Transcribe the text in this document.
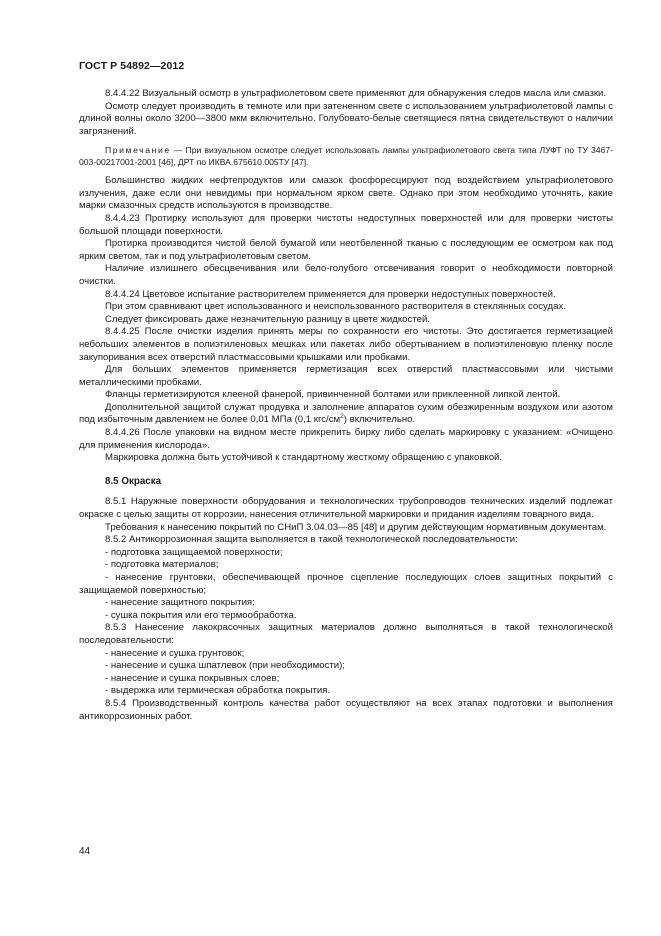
ГОСТ Р 54892—2012

8.4.4.22 Визуальный осмотр в ультрафиолетовом свете применяют для обнаружения следов масла или смазки.

Осмотр следует производить в темноте или при затененном свете с использованием ультрафиолетовой лампы с длиной волны около 3200—3800 мкм включительно. Голубовато-белые светящиеся пятна свидетельствуют о наличии загрязнений.

Примечание — При визуальном осмотре следует использовать лампы ультрафиолетового света типа ЛУФТ по ТУ 3467-003-00217001-2001 [46], ДРТ по ИКВА.675610.005ТУ [47].

Большинство жидких нефтепродуктов или смазок фосфоресцируют под воздействием ультрафиолетового излучения, даже если они невидимы при нормальном ярком свете. Однако при этом необходимо уточнять, какие марки смазочных средств используются в производстве.

8.4.4.23 Протирку используют для проверки чистоты недоступных поверхностей или для проверки чистоты большой площади поверхности.

Протирка производится чистой белой бумагой или неотбеленной тканью с последующим ее осмотром как под ярким светом, так и под ультрафиолетовым светом.

Наличие излишнего обесцвечивания или бело-голубого отсвечивания говорит о необходимости повторной очистки.

8.4.4.24 Цветовое испытание растворителем применяется для проверки недоступных поверхностей.

При этом сравнивают цвет использованного и неиспользованного растворителя в стеклянных сосудах.

Следует фиксировать даже незначительную разницу в цвете жидкостей.

8.4.4.25 После очистки изделия принять меры по сохранности его чистоты. Это достигается герметизацией небольших элементов в полиэтиленовых мешках или пакетах либо обертыванием в полиэтиленовую пленку после закупоривания всех отверстий пластмассовыми крышками или пробками.

Для больших элементов применяется герметизация всех отверстий пластмассовыми или чистыми металлическими пробками.

Фланцы герметизируются клееной фанерой, привинченной болтами или приклеенной липкой лентой.

Дополнительной защитой служат продувка и заполнение аппаратов сухим обезжиренным воздухом или азотом под избыточным давлением не более 0,01 МПа (0,1 кгс/$см^2$) включительно.

8.4.4.26 После упаковки на видном месте прикрепить бирку либо сделать маркировку с указанием: «Очищено для применения кислорода».

Маркировка должна быть устойчивой к стандартному жесткому обращению с упаковкой.

8.5 Окраска

8.5.1 Наружные поверхности оборудования и технологических трубопроводов технических изделий подлежат окраске с целью защиты от коррозии, нанесения отличительной маркировки и придания изделиям товарного вида.

Требования к нанесению покрытий по СНиП 3.04.03—85 [48] и другим действующим нормативным документам.

8.5.2 Антикоррозионная защита выполняется в такой технологической последовательности:

- подготовка защищаемой поверхности;

- подготовка материалов;

- нанесение грунтовки, обеспечивающей прочное сцепление последующих слоев защитных покрытий с защищаемой поверхностью;

- нанесение защитного покрытия;

- сушка покрытия или его термообработка.

8.5.3 Нанесение лакокрасочных защитных материалов должно выполняться в такой технологической последовательности:

- нанесение и сушка грунтовок;

- нанесение и сушка шпатлевок (при необходимости);

- нанесение и сушка покрывных слоев;

- выдержка или термическая обработка покрытия.

8.5.4 Производственный контроль качества работ осуществляют на всех этапах подготовки и выполнения антикоррозионных работ.

44
